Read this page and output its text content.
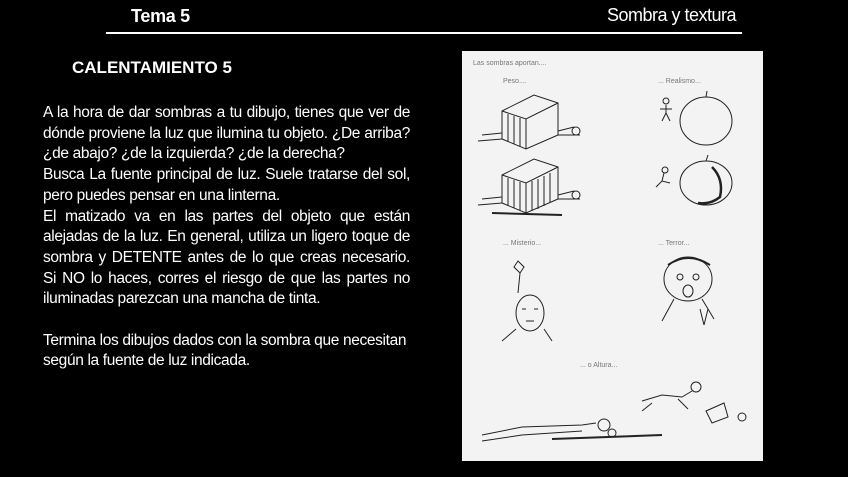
Tema 5	Sombra y textura
CALENTAMIENTO 5

A la hora de dar sombras a tu dibujo, tienes que ver de dónde proviene la luz que ilumina tu objeto. ¿De arriba? ¿de abajo? ¿de la izquierda? ¿de la derecha?

Busca La fuente principal de luz. Suele tratarse del sol, pero puedes pensar en una linterna.

El matizado va en las partes del objeto que están alejadas de la luz. En general, utiliza un ligero toque de sombra y DETENTE antes de lo que creas necesario. Si NO lo haces, corres el riesgo de que las partes no iluminadas parezcan una mancha de tinta.

Termina los dibujos dados con la sombra que necesitan según la fuente de luz indicada.

Las sombras aportan....
Peso....	... Realismo...
... Misterio...	... Terror...
... o Altura...
